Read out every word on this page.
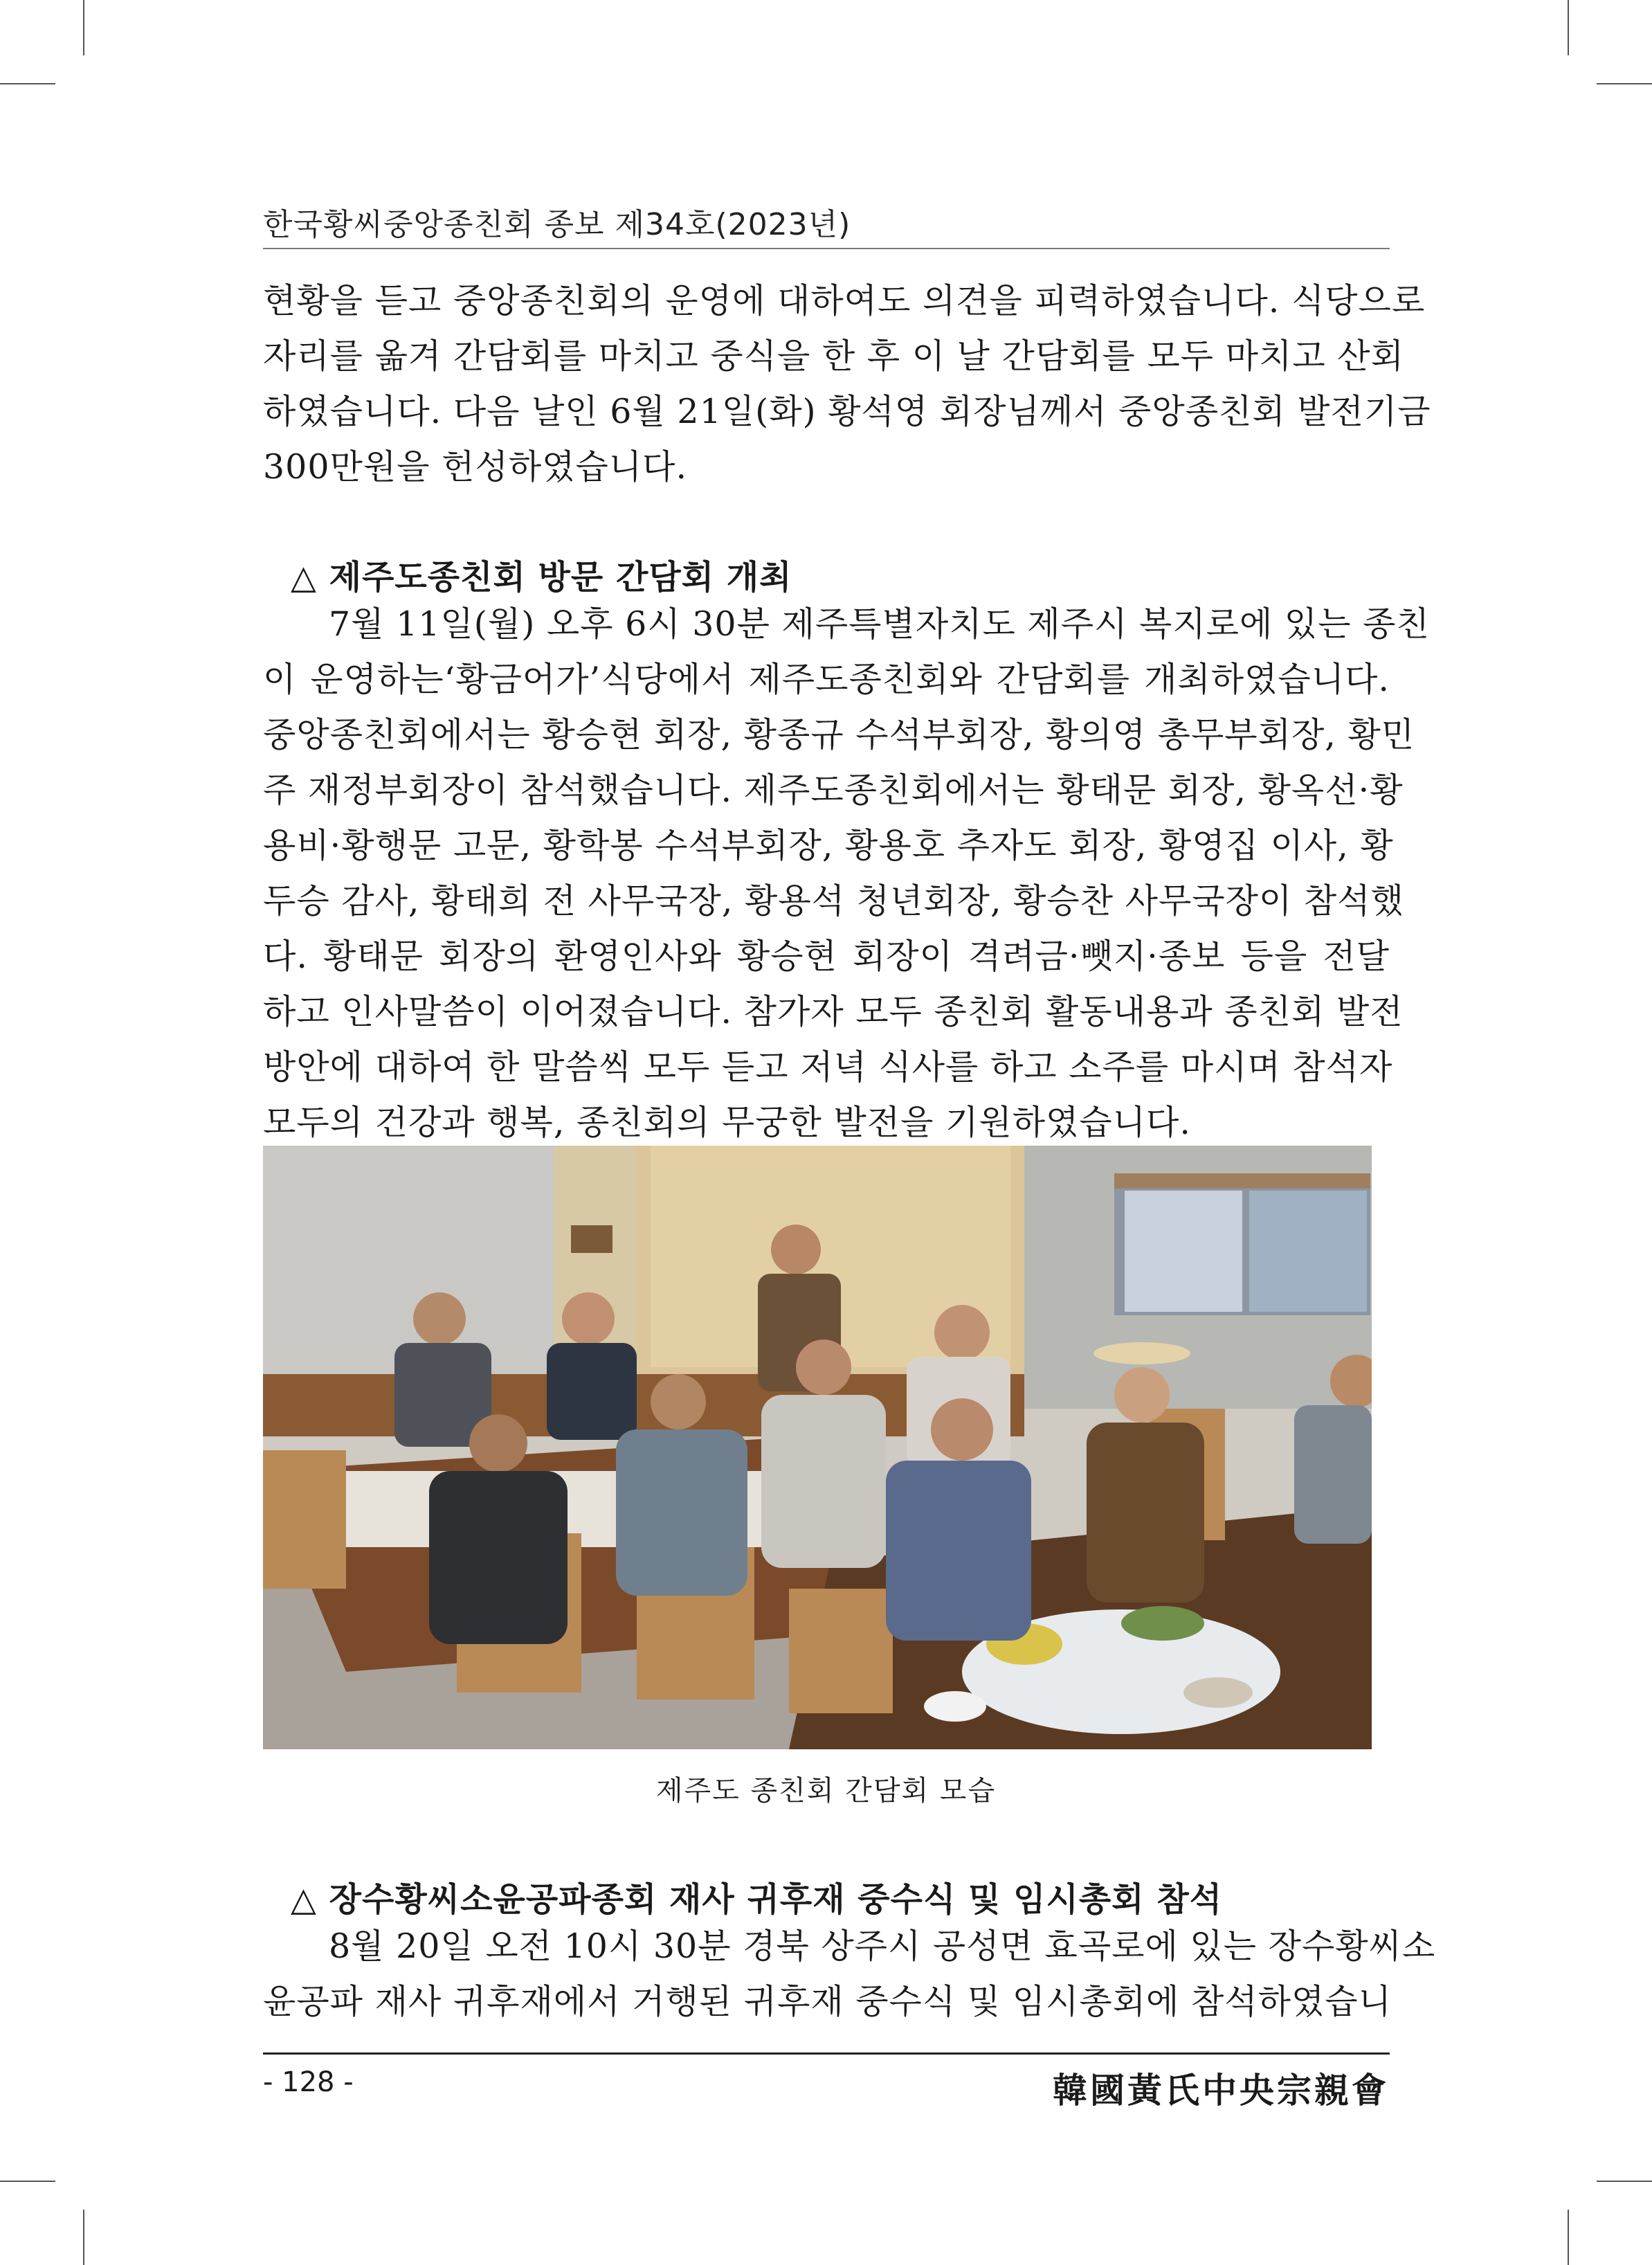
한국황씨중앙종친회 종보 제34호(2023년)
현황을 듣고 중앙종친회의 운영에 대하여도 의견을 피력하였습니다. 식당으로
자리를 옮겨 간담회를 마치고 중식을 한 후 이 날 간담회를 모두 마치고 산회
하였습니다. 다음 날인 6월 21일(화) 황석영 회장님께서 중앙종친회 발전기금
300만원을 헌성하였습니다.
△ 제주도종친회 방문 간담회 개최
7월 11일(월) 오후 6시 30분 제주특별자치도 제주시 복지로에 있는 종친
이 운영하는‘황금어가’식당에서 제주도종친회와 간담회를 개최하였습니다.
중앙종친회에서는 황승현 회장, 황종규 수석부회장, 황의영 총무부회장, 황민
주 재정부회장이 참석했습니다. 제주도종친회에서는 황태문 회장, 황옥선·황
용비·황행문 고문, 황학봉 수석부회장, 황용호 추자도 회장, 황영집 이사, 황
두승 감사, 황태희 전 사무국장, 황용석 청년회장, 황승찬 사무국장이 참석했
다. 황태문 회장의 환영인사와 황승현 회장이 격려금·뺏지·종보 등을 전달
하고 인사말씀이 이어졌습니다. 참가자 모두 종친회 활동내용과 종친회 발전
방안에 대하여 한 말씀씩 모두 듣고 저녁 식사를 하고 소주를 마시며 참석자
모두의 건강과 행복, 종친회의 무궁한 발전을 기원하였습니다.
제주도 종친회 간담회 모습
△ 장수황씨소윤공파종회 재사 귀후재 중수식 및 임시총회 참석
8월 20일 오전 10시 30분 경북 상주시 공성면 효곡로에 있는 장수황씨소
윤공파 재사 귀후재에서 거행된 귀후재 중수식 및 임시총회에 참석하였습니
- 128 -	韓國黃氏中央宗親會
